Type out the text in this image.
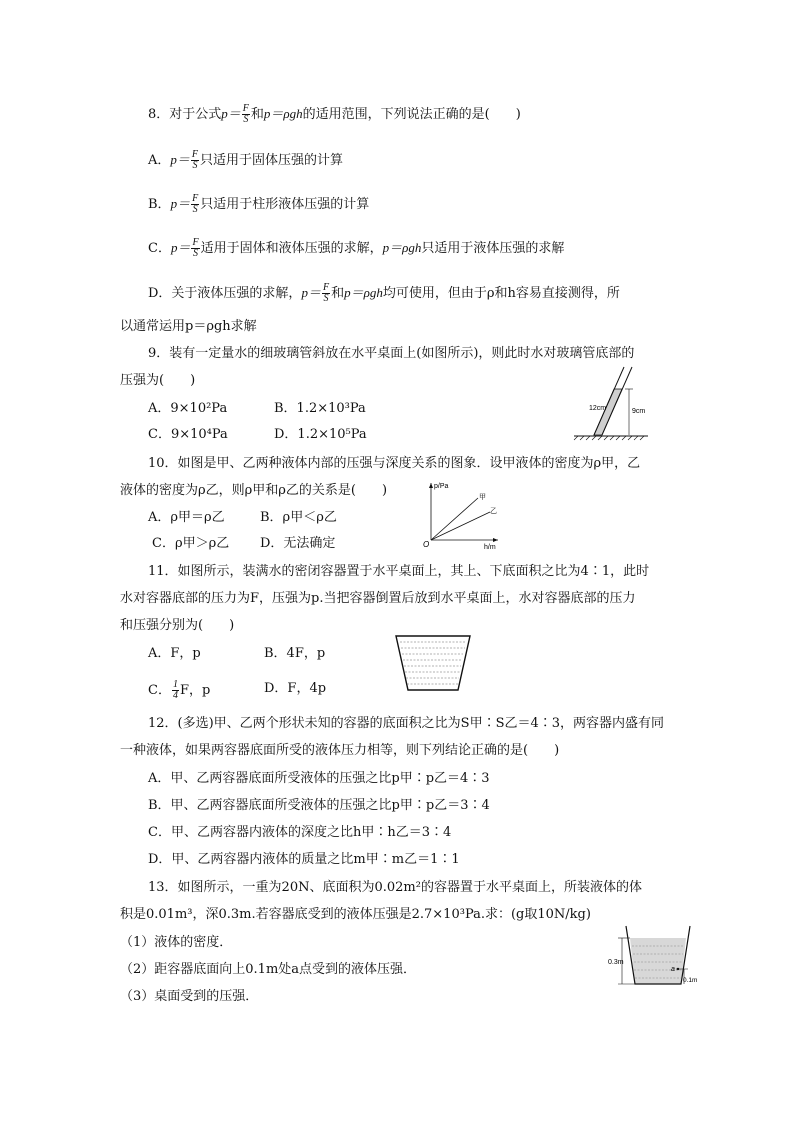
8．对于公式$p= \frac{F}{S}$ 和p＝ρgh的适用范围，下列说法正确的是(　　)
A．$p= \frac{F}{S}$ 只适用于固体压强的计算
B．$p= \frac{F}{S}$ 只适用于柱形液体压强的计算
C．$p= \frac{F}{S}$ 适用于固体和液体压强的求解，p＝ρgh只适用于液体压强的求解
D．关于液体压强的求解，$p= \frac{F}{S}$ 和p＝ρgh均可使用，但由于ρ和h容易直接测得，所
以通常运用p＝ρgh求解
9．装有一定量水的细玻璃管斜放在水平桌面上(如图所示)，则此时水对玻璃管底部的
压强为(　　)
A．9×10²Pa	B．1.2×10³Pa
C．9×10⁴Pa	D．1.2×10⁵Pa
9cm
12cm
10．如图是甲、乙两种液体内部的压强与深度关系的图象．设甲液体的密度为ρ甲，乙
液体的密度为ρ乙，则ρ甲和ρ乙的关系是(　　)
A．ρ甲＝ρ乙	B．ρ甲＜ρ乙
C．ρ甲＞ρ乙 D．无法确定
p/Pa
h/m
O
甲
乙
11．如图所示，装满水的密闭容器置于水平桌面上，其上、下底面积之比为4∶1，此时
水对容器底部的压力为F，压强为p.当把容器倒置后放到水平桌面上，水对容器底部的压力
和压强分别为(　　)
A．F，p	B．4F，p
C． $\frac{1}{4}$ F，p	D．F，4p
12．(多选)甲、乙两个形状未知的容器的底面积之比为S甲∶S乙＝4∶3，两容器内盛有同
一种液体，如果两容器底面所受的液体压力相等，则下列结论正确的是(　　)
A．甲、乙两容器底面所受液体的压强之比p甲∶p乙＝4∶3
B．甲、乙两容器底面所受液体的压强之比p甲∶p乙＝3∶4
C．甲、乙两容器内液体的深度之比h甲∶h乙＝3∶4
D．甲、乙两容器内液体的质量之比m甲∶m乙＝1∶1
13．如图所示，一重为20N、底面积为0.02m²的容器置于水平桌面上，所装液体的体
积是0.01m³，深0.3m.若容器底受到的液体压强是2.7×10³Pa.求：(g取10N/kg)
（1）液体的密度．
（2）距容器底面向上0.1m处a点受到的液体压强．
（3）桌面受到的压强．
0.3m
a
0.1m
